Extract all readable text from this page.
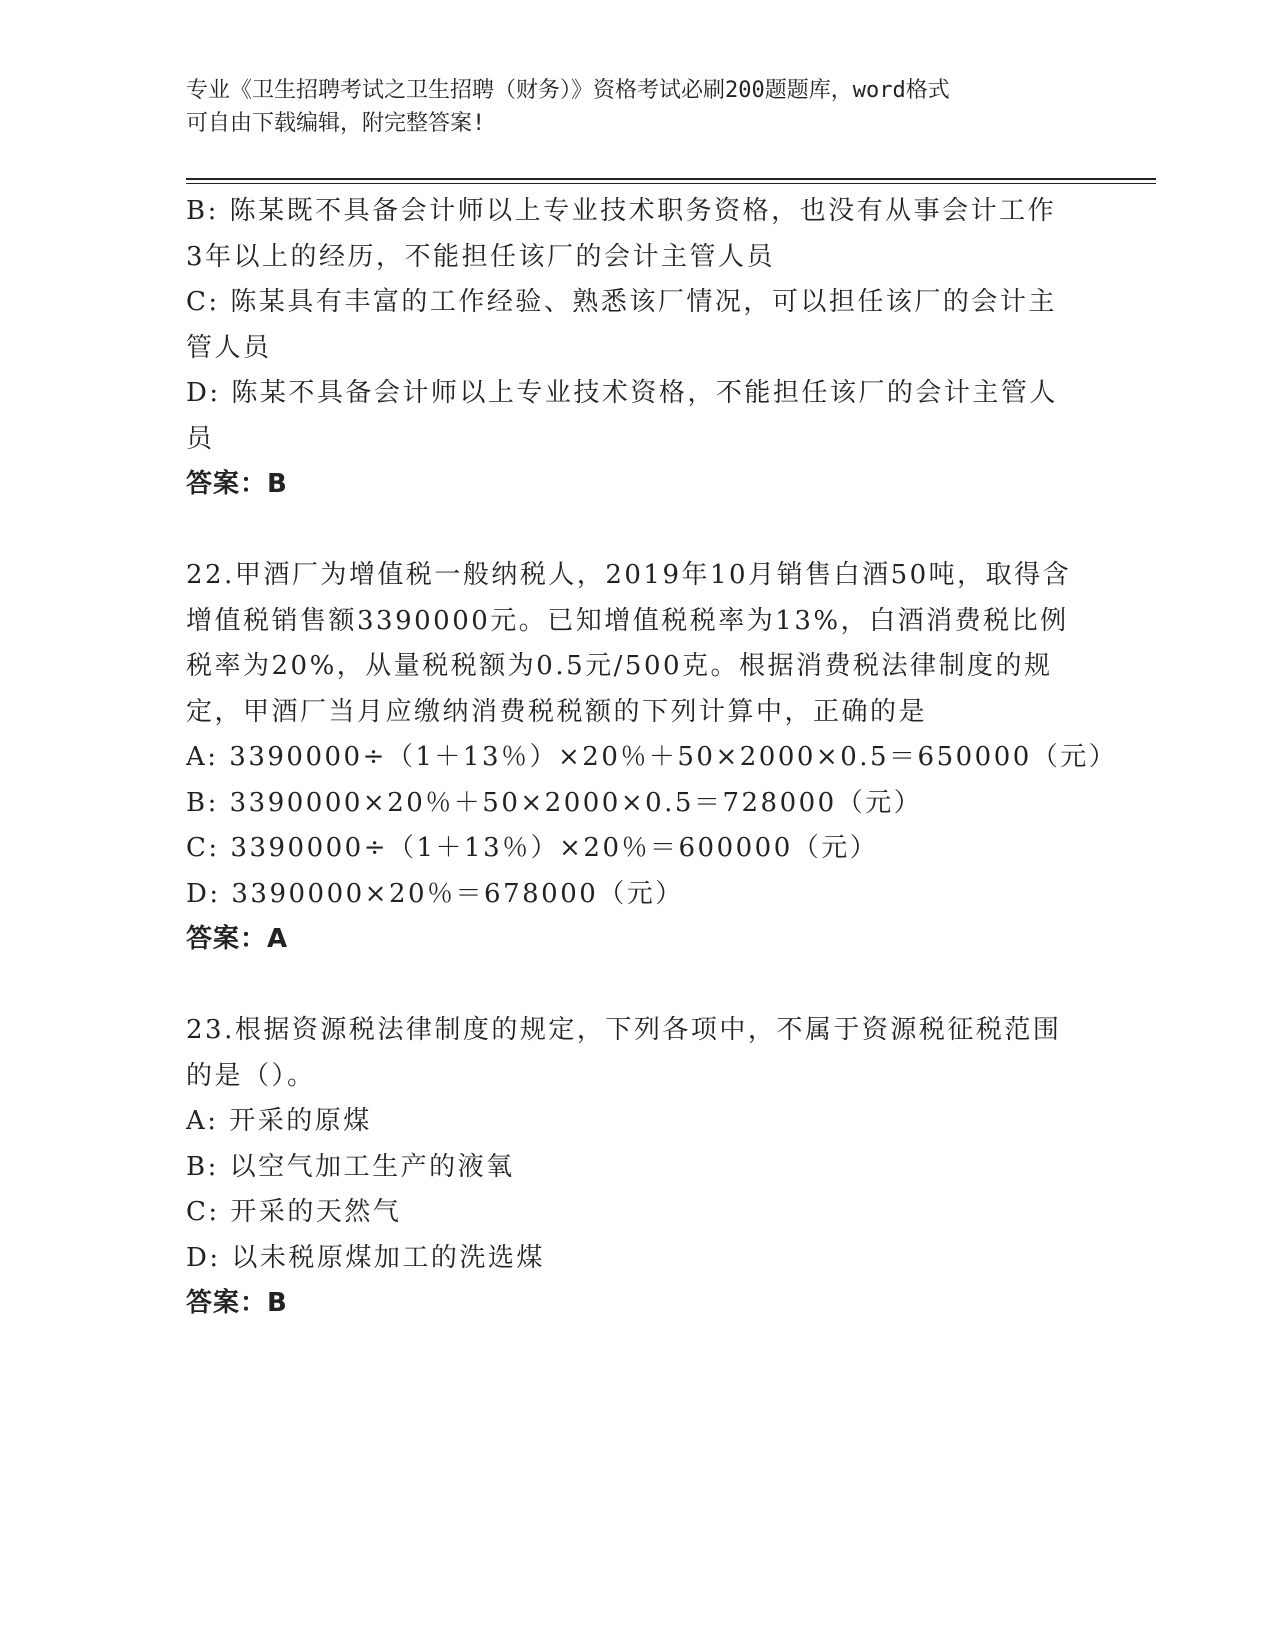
专业《卫生招聘考试之卫生招聘（财务）》资格考试必刷200题题库，word格式
可自由下载编辑，附完整答案!
B: 陈某既不具备会计师以上专业技术职务资格，也没有从事会计工作
3年以上的经历，不能担任该厂的会计主管人员
C: 陈某具有丰富的工作经验、熟悉该厂情况，可以担任该厂的会计主
管人员
D: 陈某不具备会计师以上专业技术资格，不能担任该厂的会计主管人
员
答案：B
22.甲酒厂为增值税一般纳税人，2019年10月销售白酒50吨，取得含
增值税销售额3390000元。已知增值税税率为13%，白酒消费税比例
税率为20%，从量税税额为0.5元/500克。根据消费税法律制度的规
定，甲酒厂当月应缴纳消费税税额的下列计算中，正确的是
A: 3390000÷（1＋13％）×20％＋50×2000×0.5＝650000（元）
B: 3390000×20％＋50×2000×0.5＝728000（元）
C: 3390000÷（1＋13％）×20％＝600000（元）
D: 3390000×20％＝678000（元）
答案：A
23.根据资源税法律制度的规定，下列各项中，不属于资源税征税范围
的是（）。
A: 开采的原煤
B: 以空气加工生产的液氧
C: 开采的天然气
D: 以未税原煤加工的洗选煤
答案：B
